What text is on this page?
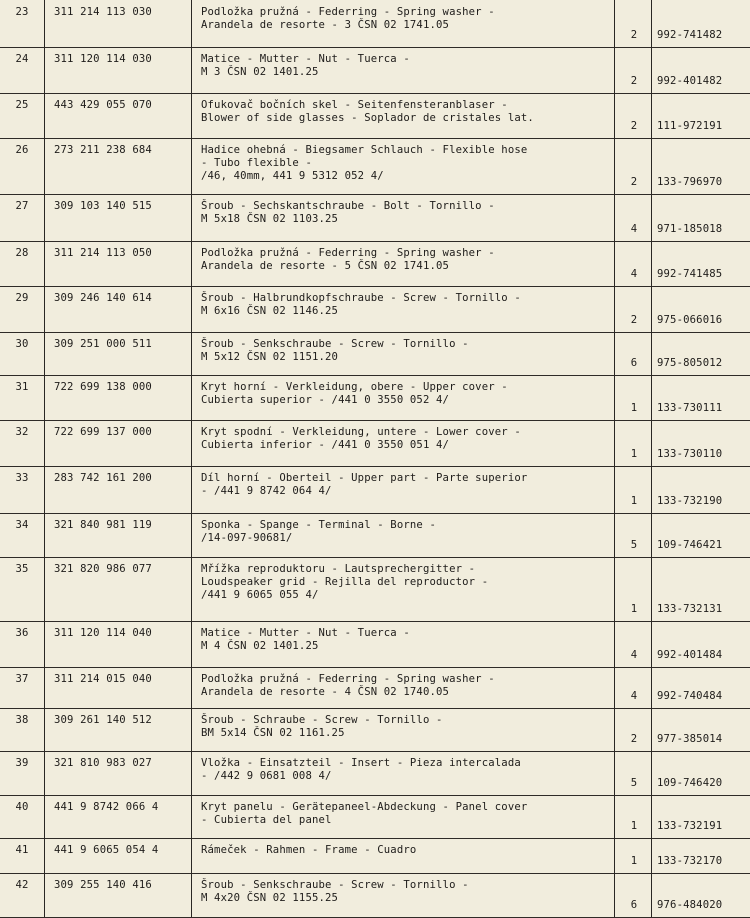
23	311 214 113 030	Podložka pružná - Federring - Spring washer -
Arandela de resorte - 3 ČSN 02 1741.05
2	992-741482
24	311 120 114 030	Matice - Mutter - Nut - Tuerca -
M 3 ČSN 02 1401.25
2	992-401482
25	443 429 055 070	Ofukovač bočních skel - Seitenfensteranblaser -
Blower of side glasses - Soplador de cristales lat.
2	111-972191
26	273 211 238 684	Hadice ohebná - Biegsamer Schlauch - Flexible hose
- Tubo flexible -
/46, 40mm, 441 9 5312 052 4/	2	133-796970
27	309 103 140 515	Šroub - Sechskantschraube - Bolt - Tornillo -
M 5x18 ČSN 02 1103.25
4	971-185018
28	311 214 113 050	Podložka pružná - Federring - Spring washer -
Arandela de resorte - 5 ČSN 02 1741.05
4	992-741485
29	309 246 140 614	Šroub - Halbrundkopfschraube - Screw - Tornillo -
M 6x16 ČSN 02 1146.25
2	975-066016
30	309 251 000 511	Šroub - Senkschraube - Screw - Tornillo -
M 5x12 ČSN 02 1151.20	6	975-805012
31	722 699 138 000	Kryt horní - Verkleidung, obere - Upper cover -
Cubierta superior - /441 0 3550 052 4/
1	133-730111
32	722 699 137 000	Kryt spodní - Verkleidung, untere - Lower cover -
Cubierta inferior - /441 0 3550 051 4/
1	133-730110
33	283 742 161 200	Díl horní - Oberteil - Upper part - Parte superior
- /441 9 8742 064 4/
1	133-732190
34	321 840 981 119	Sponka - Spange - Terminal - Borne -
/14-097-90681/
5	109-746421
35	321 820 986 077	Mřížka reproduktoru - Lautsprechergitter -
Loudspeaker grid - Rejilla del reproductor -
/441 9 6065 055 4/
1	133-732131
36	311 120 114 040	Matice - Mutter - Nut - Tuerca -
M 4 ČSN 02 1401.25
4	992-401484
37	311 214 015 040	Podložka pružná - Federring - Spring washer -
Arandela de resorte - 4 ČSN 02 1740.05	4	992-740484
38	309 261 140 512	Šroub - Schraube - Screw - Tornillo -
BM 5x14 ČSN 02 1161.25	2	977-385014
39	321 810 983 027	Vložka - Einsatzteil - Insert - Pieza intercalada
- /442 9 0681 008 4/
5	109-746420
40	441 9 8742 066 4	Kryt panelu - Gerätepaneel-Abdeckung - Panel cover
- Cubierta del panel	1	133-732191
41	441 9 6065 054 4	Rámeček - Rahmen - Frame - Cuadro
1	133-732170
42	309 255 140 416	Šroub - Senkschraube - Screw - Tornillo -
M 4x20 ČSN 02 1155.25
6	976-484020
